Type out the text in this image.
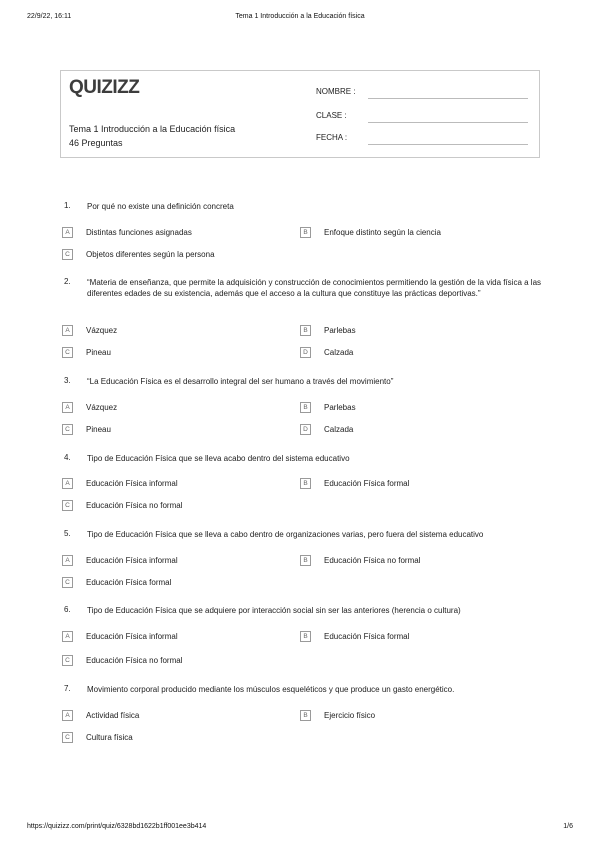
22/9/22, 16:11	Tema 1 Introducción a la Educación física
QUIZIZZ
Tema 1 Introducción a la Educación física
46 Preguntas
NOMBRE :
CLASE :
FECHA :
1. Por qué no existe una definición concreta
A	Distintas funciones asignadas	B	Enfoque distinto según la ciencia
C	Objetos diferentes según la persona
2. “Materia de enseñanza, que permite la adquisición y construcción de conocimientos permitiendo la gestión de la vida física a las diferentes edades de su existencia, además que el acceso a la cultura que constituye las prácticas deportivas.”
A	Vázquez	B	Parlebas
C	Pineau	D	Calzada
3. “La Educación Física es el desarrollo integral del ser humano a través del movimiento”
A	Vázquez	B	Parlebas
C	Pineau	D	Calzada
4. Tipo de Educación Física que se lleva acabo dentro del sistema educativo
A	Educación Física informal	B	Educación Física formal
C	Educación Física no formal
5. Tipo de Educación Física que se lleva a cabo dentro de organizaciones varias, pero fuera del sistema educativo
A	Educación Física informal	B	Educación Física no formal
C	Educación Física formal
6. Tipo de Educación Física que se adquiere por interacción social sin ser las anteriores (herencia o cultura)
A	Educación Física informal	B	Educación Física formal
C	Educación Física no formal
7. Movimiento corporal producido mediante los músculos esqueléticos y que produce un gasto energético.
A	Actividad física	B	Ejercicio físico
C	Cultura física
https://quizizz.com/print/quiz/6328bd1622b1ff001ee3b414	1/6
